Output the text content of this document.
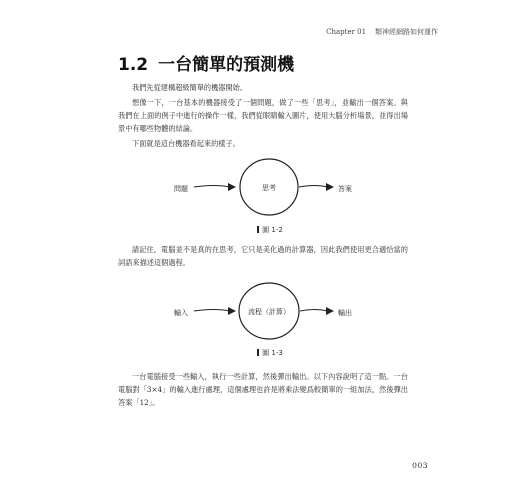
Chapter 01 類神經網路如何運作
1.2 一台簡單的預測機

我們先從建構超級簡單的機器開始。

想像一下，一台基本的機器接受了一個問題，做了一些「思考」，並輸出一個答案。與我們在上面的例子中進行的操作一樣，我們從眼睛輸入圖片，使用大腦分析場景，並得出場景中有哪些物體的結論。

下面就是這台機器看起來的樣子。

問題	思考	答案
圖 1-2

請記住，電腦並不是真的在思考，它只是美化過的計算器，因此我們使用更合適恰當的詞語來描述這個過程。

輸入	流程（計算）	輸出
圖 1-3

一台電腦接受一些輸入，執行一些計算，然後彈出輸出。以下內容說明了這一點。一台電腦對「3×4」的輸入進行處理，這個處理也許是將乘法變爲較簡單的一組加法，然後彈出答案「12」。

003
